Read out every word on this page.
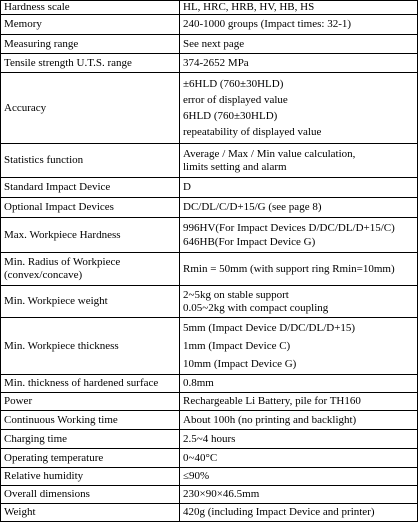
Hardness scale	HL, HRC, HRB, HV, HB, HS
Memory	240-1000 groups (Impact times: 32-1)
Measuring range	See next page
Tensile strength U.T.S. range	374-2652 MPa
Accuracy	±6HLD (760±30HLD)
error of displayed value
6HLD (760±30HLD)
repeatability of displayed value

Statistics function	Average / Max / Min value calculation,
limits setting and alarm

Standard Impact Device	D
Optional Impact Devices	DC/DL/C/D+15/G (see page 8)
Max. Workpiece Hardness	996HV(For Impact Devices D/DC/DL/D+15/C)
646HB(For Impact Device G)

Min. Radius of Workpiece
(convex/concave)	Rmin = 50mm (with support ring Rmin=10mm)
Min. Workpiece weight	2~5kg on stable support
0.05~2kg with compact coupling

Min. Workpiece thickness	5mm (Impact Device D/DC/DL/D+15)
1mm (Impact Device C)
10mm (Impact Device G)

Min. thickness of hardened surface	0.8mm
Power	Rechargeable Li Battery, pile for TH160
Continuous Working time	About 100h (no printing and backlight)
Charging time	2.5~4 hours
Operating temperature	0~40°C
Relative humidity	≤90%
Overall dimensions	230×90×46.5mm
Weight	420g (including Impact Device and printer)
